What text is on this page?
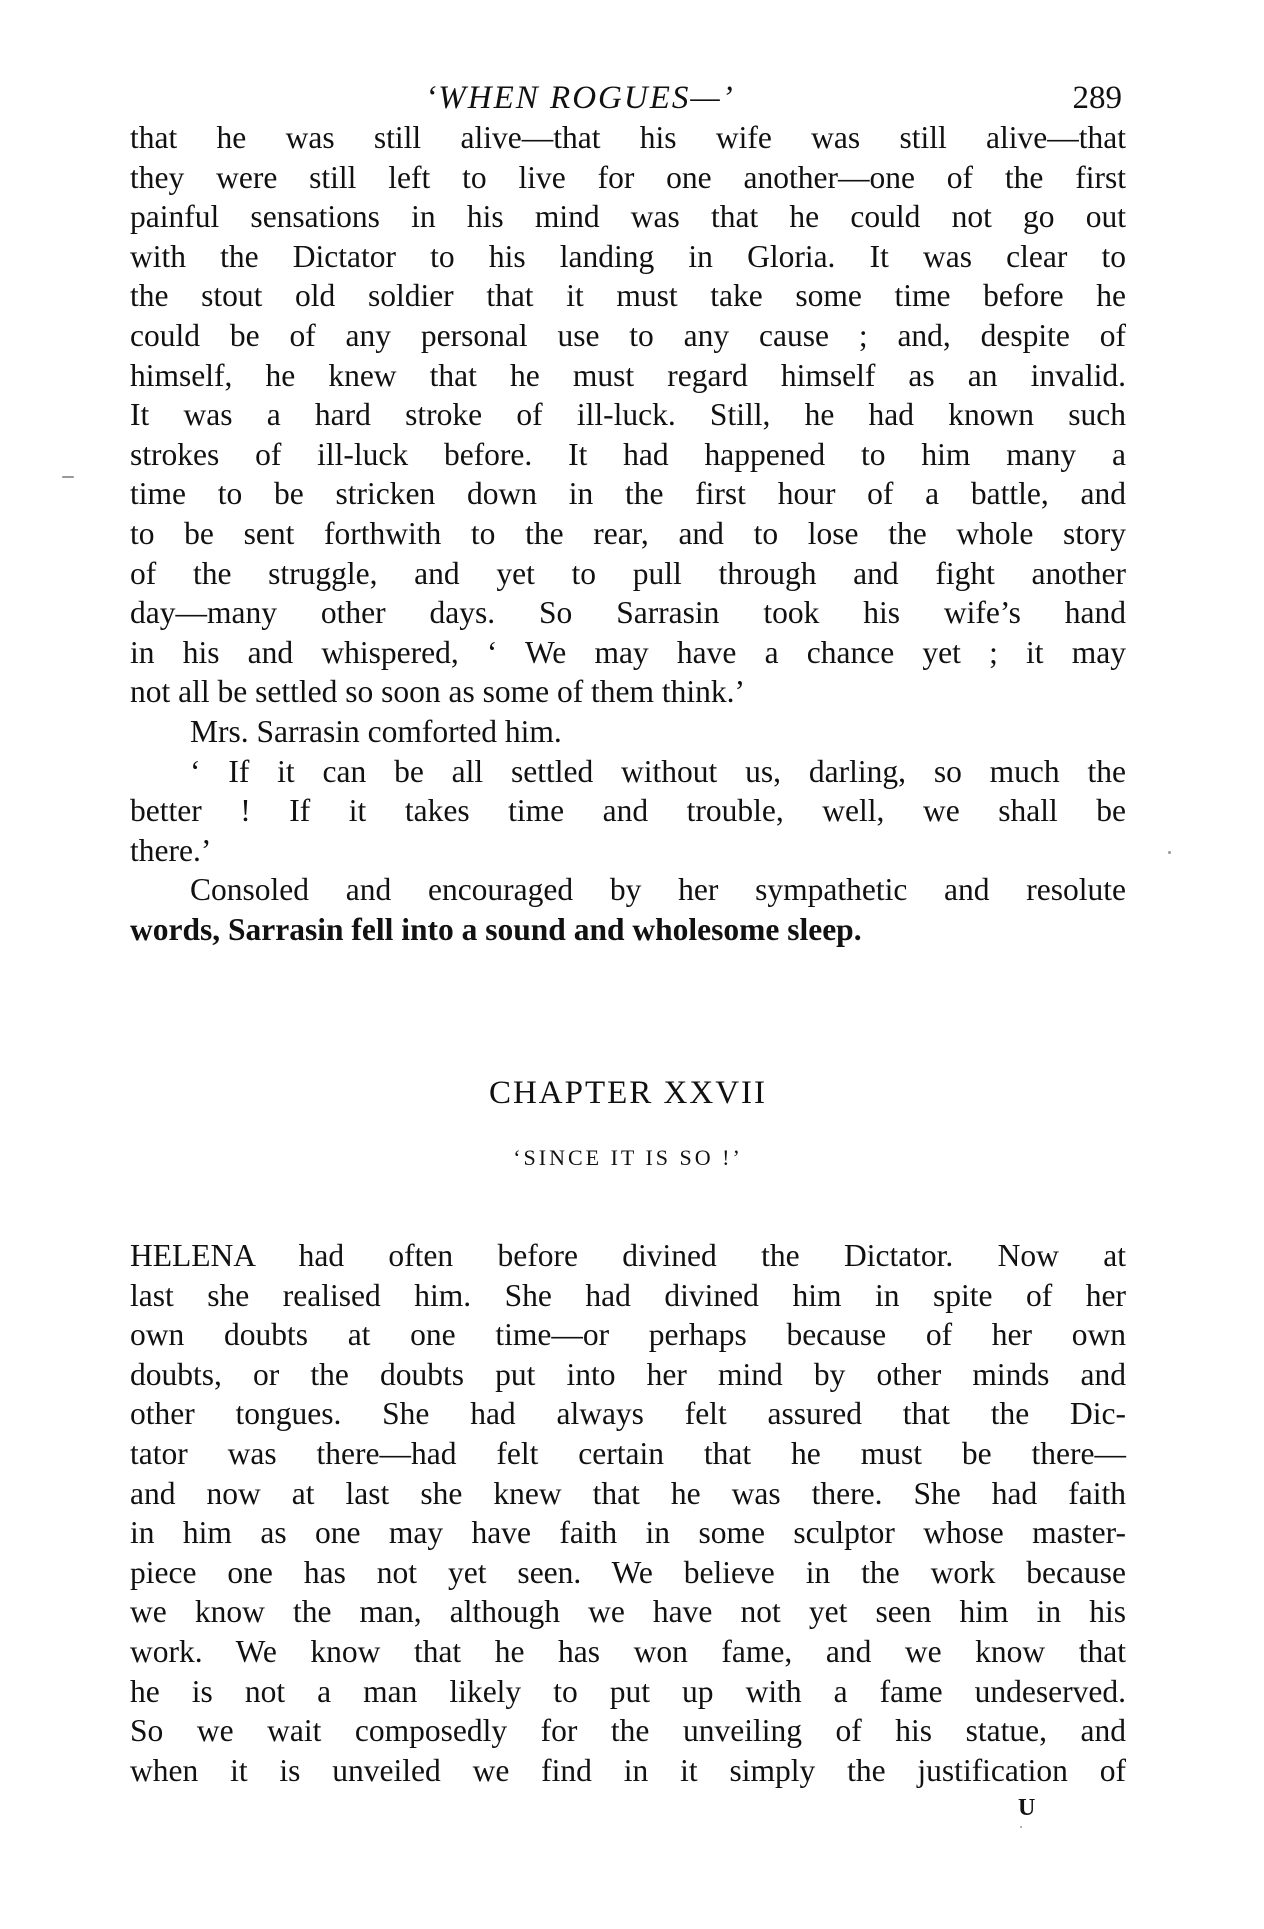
‘WHEN ROGUES—’	289
that he was still alive—that his wife was still alive—that
they were still left to live for one another—one of the first
painful sensations in his mind was that he could not go out
with the Dictator to his landing in Gloria. It was clear to
the stout old soldier that it must take some time before he
could be of any personal use to any cause ; and, despite of
himself, he knew that he must regard himself as an invalid.
It was a hard stroke of ill-luck. Still, he had known such
strokes of ill-luck before. It had happened to him many a
time to be stricken down in the first hour of a battle, and
to be sent forthwith to the rear, and to lose the whole story
of the struggle, and yet to pull through and fight another
day—many other days. So Sarrasin took his wife’s hand
in his and whispered, ‘ We may have a chance yet ; it may
not all be settled so soon as some of them think.’
Mrs. Sarrasin comforted him.
‘ If it can be all settled without us, darling, so much the
better ! If it takes time and trouble, well, we shall be
there.’
Consoled and encouraged by her sympathetic and resolute
words, Sarrasin fell into a sound and wholesome sleep.
CHAPTER XXVII
‘SINCE IT IS SO !’
HELENA had often before divined the Dictator. Now at
last she realised him. She had divined him in spite of her
own doubts at one time—or perhaps because of her own
doubts, or the doubts put into her mind by other minds and
other tongues. She had always felt assured that the Dic-
tator was there—had felt certain that he must be there—
and now at last she knew that he was there. She had faith
in him as one may have faith in some sculptor whose master-
piece one has not yet seen. We believe in the work because
we know the man, although we have not yet seen him in his
work. We know that he has won fame, and we know that
he is not a man likely to put up with a fame undeserved.
So we wait composedly for the unveiling of his statue, and
when it is unveiled we find in it simply the justification of
U
